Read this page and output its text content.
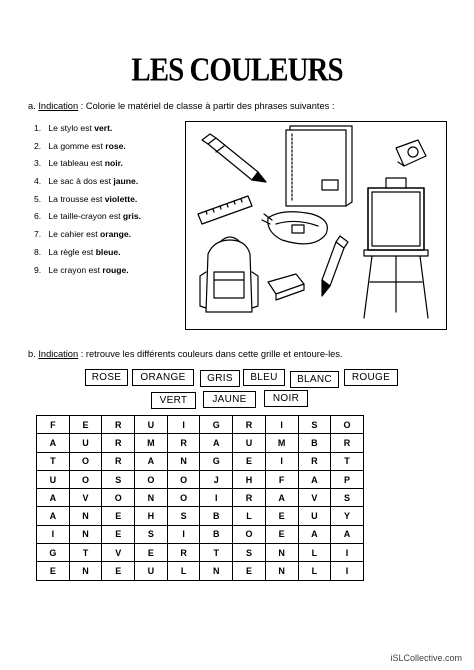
LES COULEURS
a. Indication : Colorie le matériel de classe à partir des phrases suivantes :
1. Le stylo est vert.
2. La gomme est rose.
3. Le tableau est noir.
4. Le sac à dos est jaune.
5. La trousse est violette.
6. Le taille-crayon est gris.
7. Le cahier est orange.
8. La règle est bleue.
9. Le crayon est rouge.
b. Indication : retrouve les différents couleurs dans cette grille et entoure-les.
ROSE	ORANGE	GRIS	BLEU	BLANC	ROUGE
VERT	JAUNE	NOIR
F	E	R	U	I	G	R	I	S	O
A	U	R	M	R	A	U	M	B	R
T	O	R	A	N	G	E	I	R	T
U	O	S	O	O	J	H	F	A	P
A	V	O	N	O	I	R	A	V	S
A	N	E	H	S	B	L	E	U	Y
I	N	E	S	I	B	O	E	A	A
G	T	V	E	R	T	S	N	L	I
E	N	E	U	L	N	E	N	L	I
iSLCollective.com
